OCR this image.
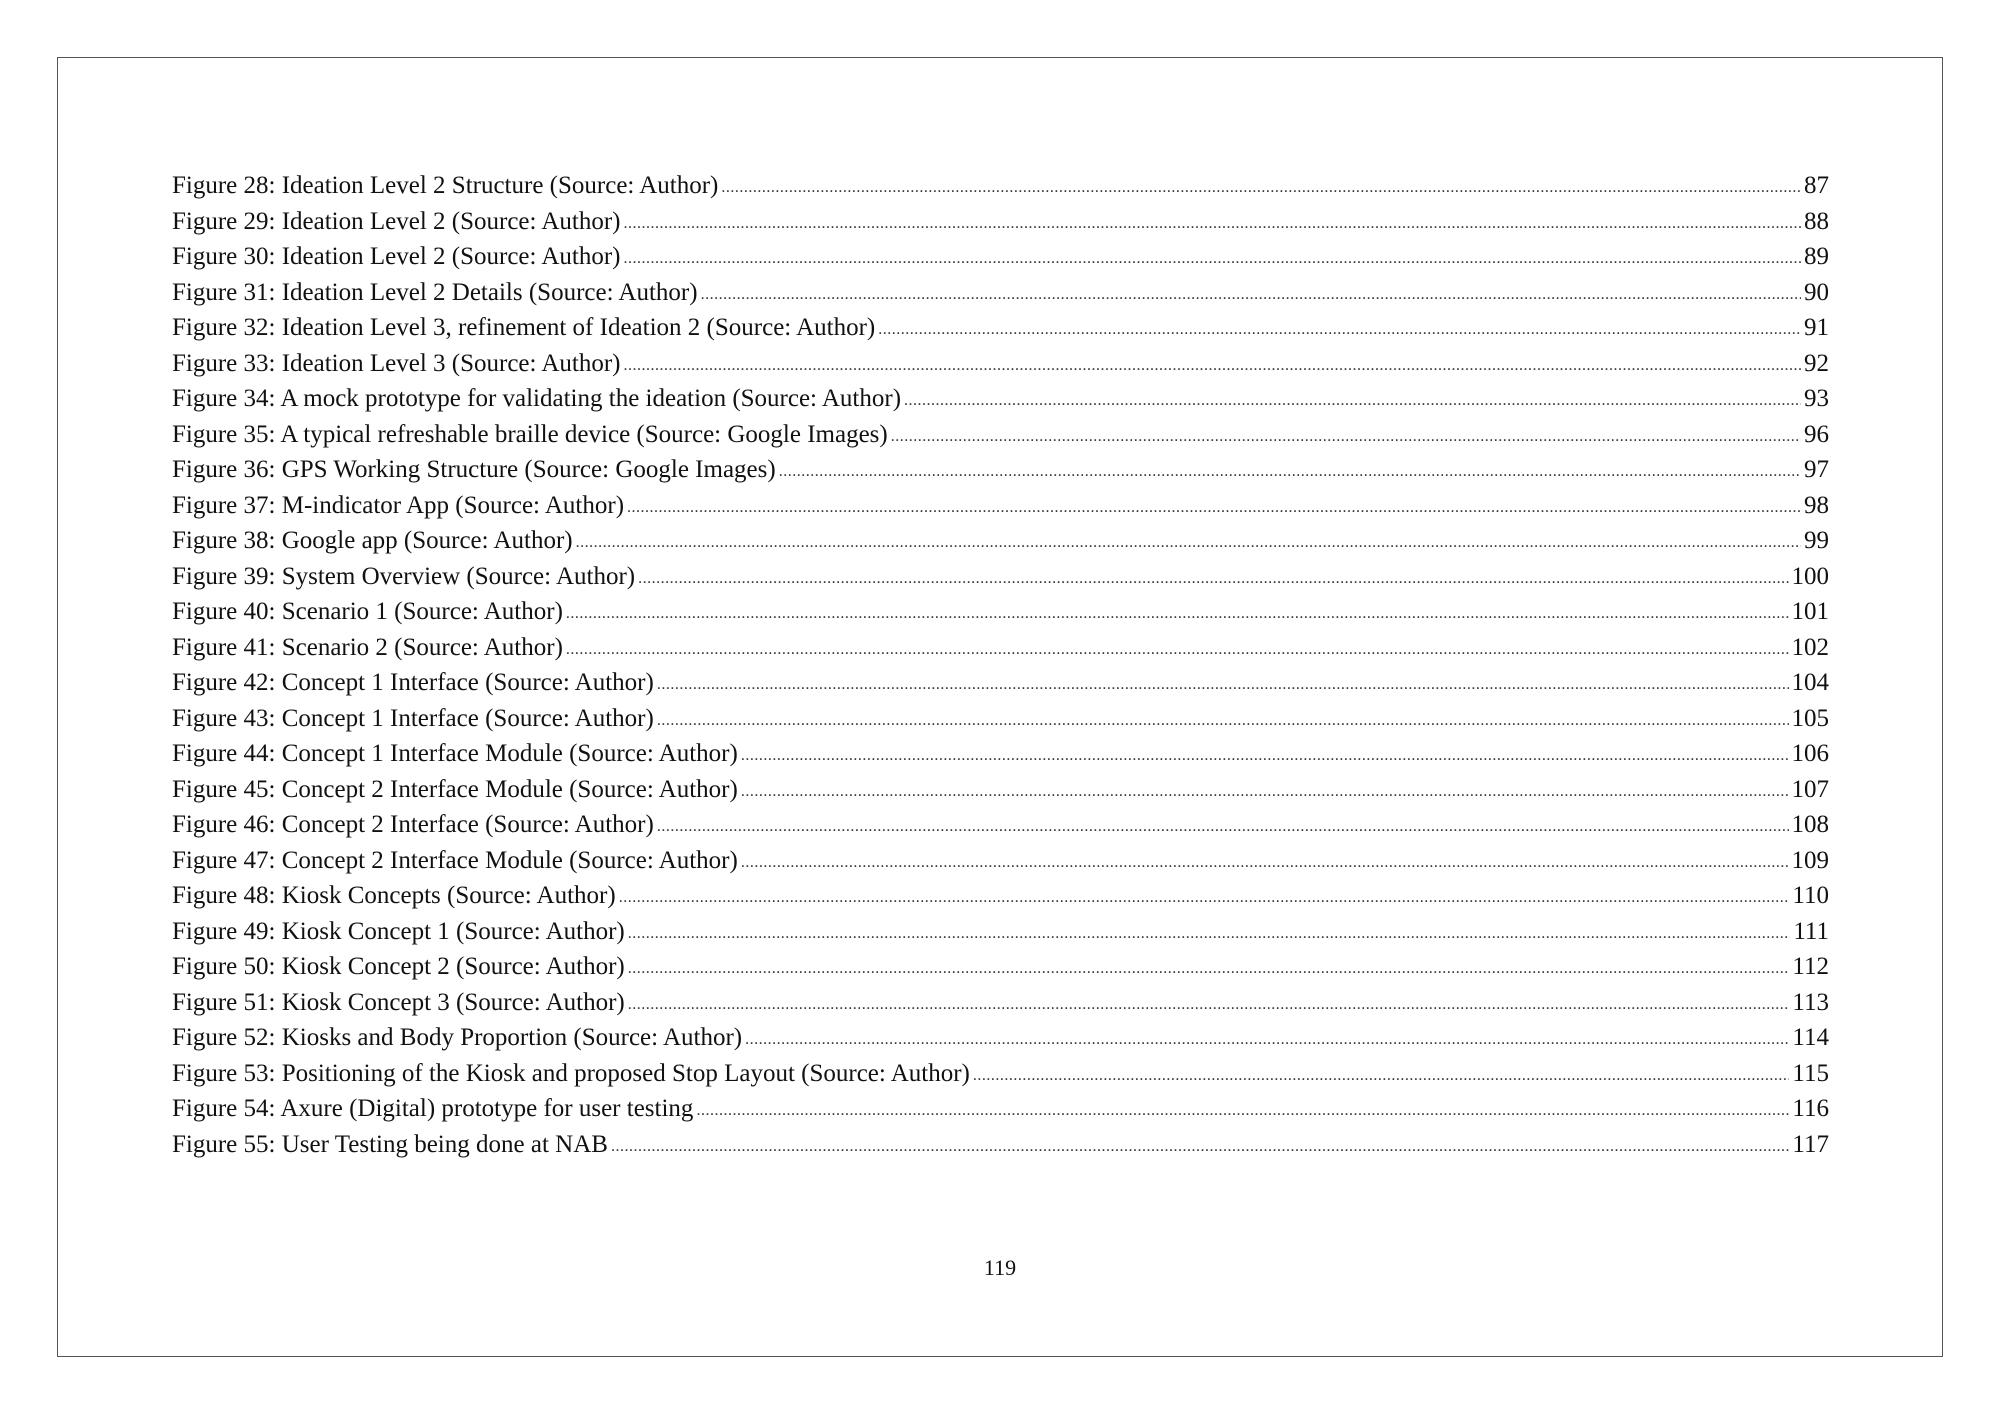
Figure 28: Ideation Level 2 Structure (Source: Author) .....	87
Figure 29: Ideation Level 2 (Source: Author) .....	88
Figure 30: Ideation Level 2 (Source: Author) .....	89
Figure 31: Ideation Level 2 Details (Source: Author) .....	90
Figure 32: Ideation Level 3, refinement of Ideation 2 (Source: Author) .....	91
Figure 33: Ideation Level 3 (Source: Author) .....	92
Figure 34: A mock prototype for validating the ideation (Source: Author) .....	93
Figure 35: A typical refreshable braille device (Source: Google Images) .....	96
Figure 36: GPS Working Structure (Source: Google Images) .....	97
Figure 37: M-indicator App (Source: Author) .....	98
Figure 38: Google app (Source: Author) .....	99
Figure 39: System Overview (Source: Author) .....	100
Figure 40: Scenario 1 (Source: Author) .....	101
Figure 41: Scenario 2 (Source: Author) .....	102
Figure 42: Concept 1 Interface (Source: Author) .....	104
Figure 43: Concept 1 Interface (Source: Author) .....	105
Figure 44: Concept 1 Interface Module (Source: Author) .....	106
Figure 45: Concept 2 Interface Module (Source: Author) .....	107
Figure 46: Concept 2 Interface (Source: Author) .....	108
Figure 47: Concept 2 Interface Module (Source: Author) .....	109
Figure 48: Kiosk Concepts (Source: Author) .....	110
Figure 49: Kiosk Concept 1 (Source: Author) .....	111
Figure 50: Kiosk Concept 2 (Source: Author) .....	112
Figure 51: Kiosk Concept 3 (Source: Author) .....	113
Figure 52: Kiosks and Body Proportion (Source: Author) .....	114
Figure 53: Positioning of the Kiosk and proposed Stop Layout (Source: Author) .....	115
Figure 54: Axure (Digital) prototype for user testing .....	116
Figure 55: User Testing being done at NAB .....	117
119
